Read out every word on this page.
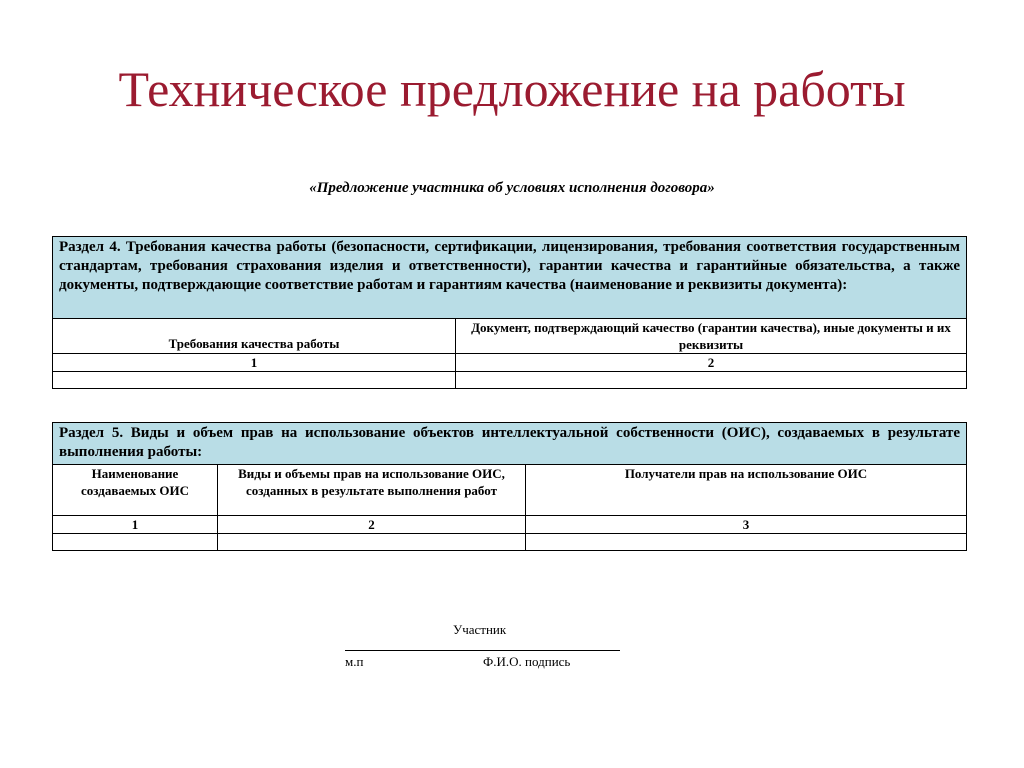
Техническое предложение на работы
«Предложение участника об условиях исполнения договора»
Раздел 4. Требования качества работы (безопасности, сертификации, лицензирования, требования соответствия государственным стандартам, требования страхования изделия и ответственности), гарантии качества и гарантийные обязательства, а также документы, подтверждающие соответствие работам и гарантиям качества (наименование и реквизиты документа):	
Требования качества работы	Документ, подтверждающий качество (гарантии качества), иные документы и их реквизиты
1	2

Раздел 5. Виды и объем прав на использование объектов интеллектуальной собственности (ОИС), создаваемых в результате выполнения работы:		
Наименование создаваемых ОИС	Виды и объемы прав на использование ОИС, созданных в результате выполнения работ	Получатели прав на использование ОИС
1	2	3

Участник
м.п	Ф.И.О. подпись
